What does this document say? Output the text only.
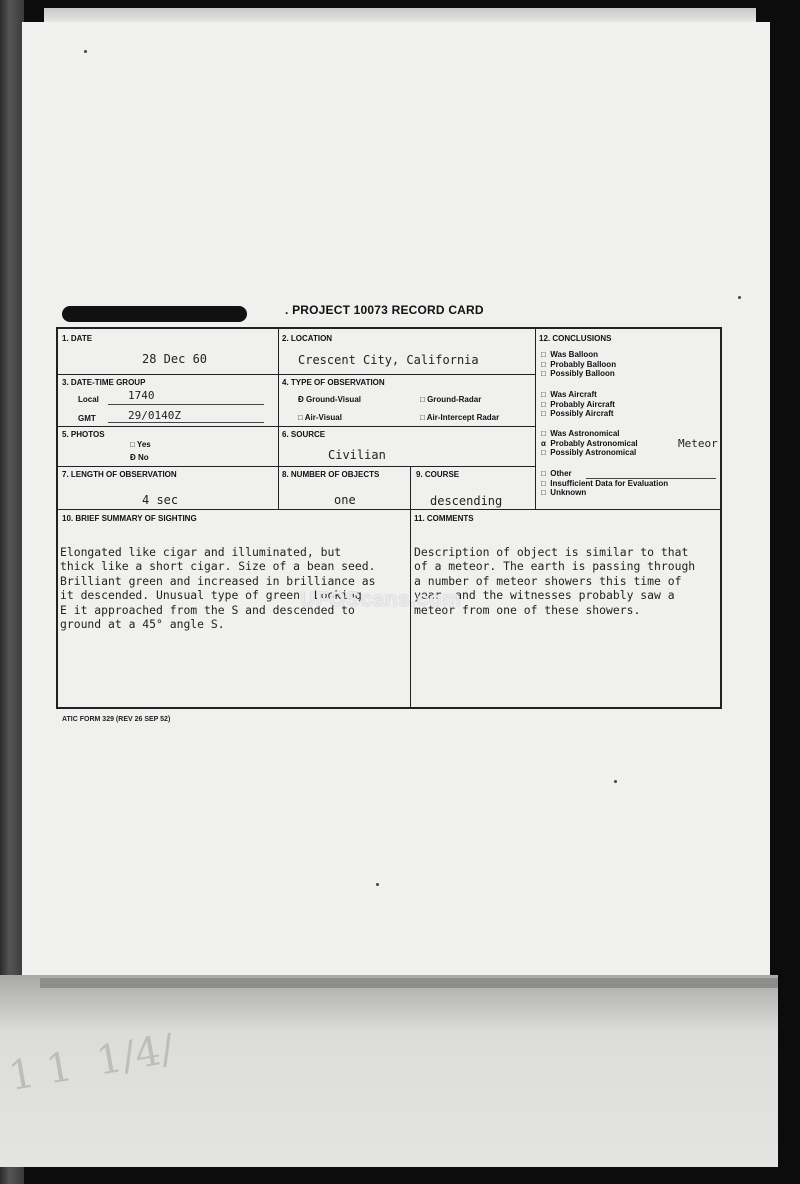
1 1  1/4/
. PROJECT 10073 RECORD CARD
1. DATE
28 Dec 60
2. LOCATION
Crescent City, California
3. DATE-TIME GROUP
Local	1740
GMT	29/0140Z
4. TYPE OF OBSERVATION
Đ Ground-Visual	□ Ground-Radar
□ Air-Visual	□ Air-Intercept Radar
5. PHOTOS
□ Yes
Đ No
6. SOURCE
Civilian
7. LENGTH OF OBSERVATION
4 sec
8. NUMBER OF OBJECTS
one
9. COURSE
descending
10. BRIEF SUMMARY OF SIGHTING

Elongated like cigar and illuminated, but
thick like a short cigar. Size of a bean seed.
Brilliant green and increased in brilliance as
it descended. Unusual type of green. Looking
E it approached from the S and descended to
ground at a 45° angle S.
11. COMMENTS

Description of object is similar to that
of a meteor. The earth is passing through
a number of meteor showers this time of
year, and the witnesses probably saw a
meteor from one of these showers.
12. CONCLUSIONS
□ Was Balloon
□ Probably Balloon
□ Possibly Balloon
□ Was Aircraft
□ Probably Aircraft
□ Possibly Aircraft
□ Was Astronomical
α Probably Astronomical
□ Possibly Astronomical
Meteor
□ Other
□ Insufficient Data for Evaluation
□ Unknown
ATIC FORM 329 (REV 26 SEP 52)
UFOScans.com
